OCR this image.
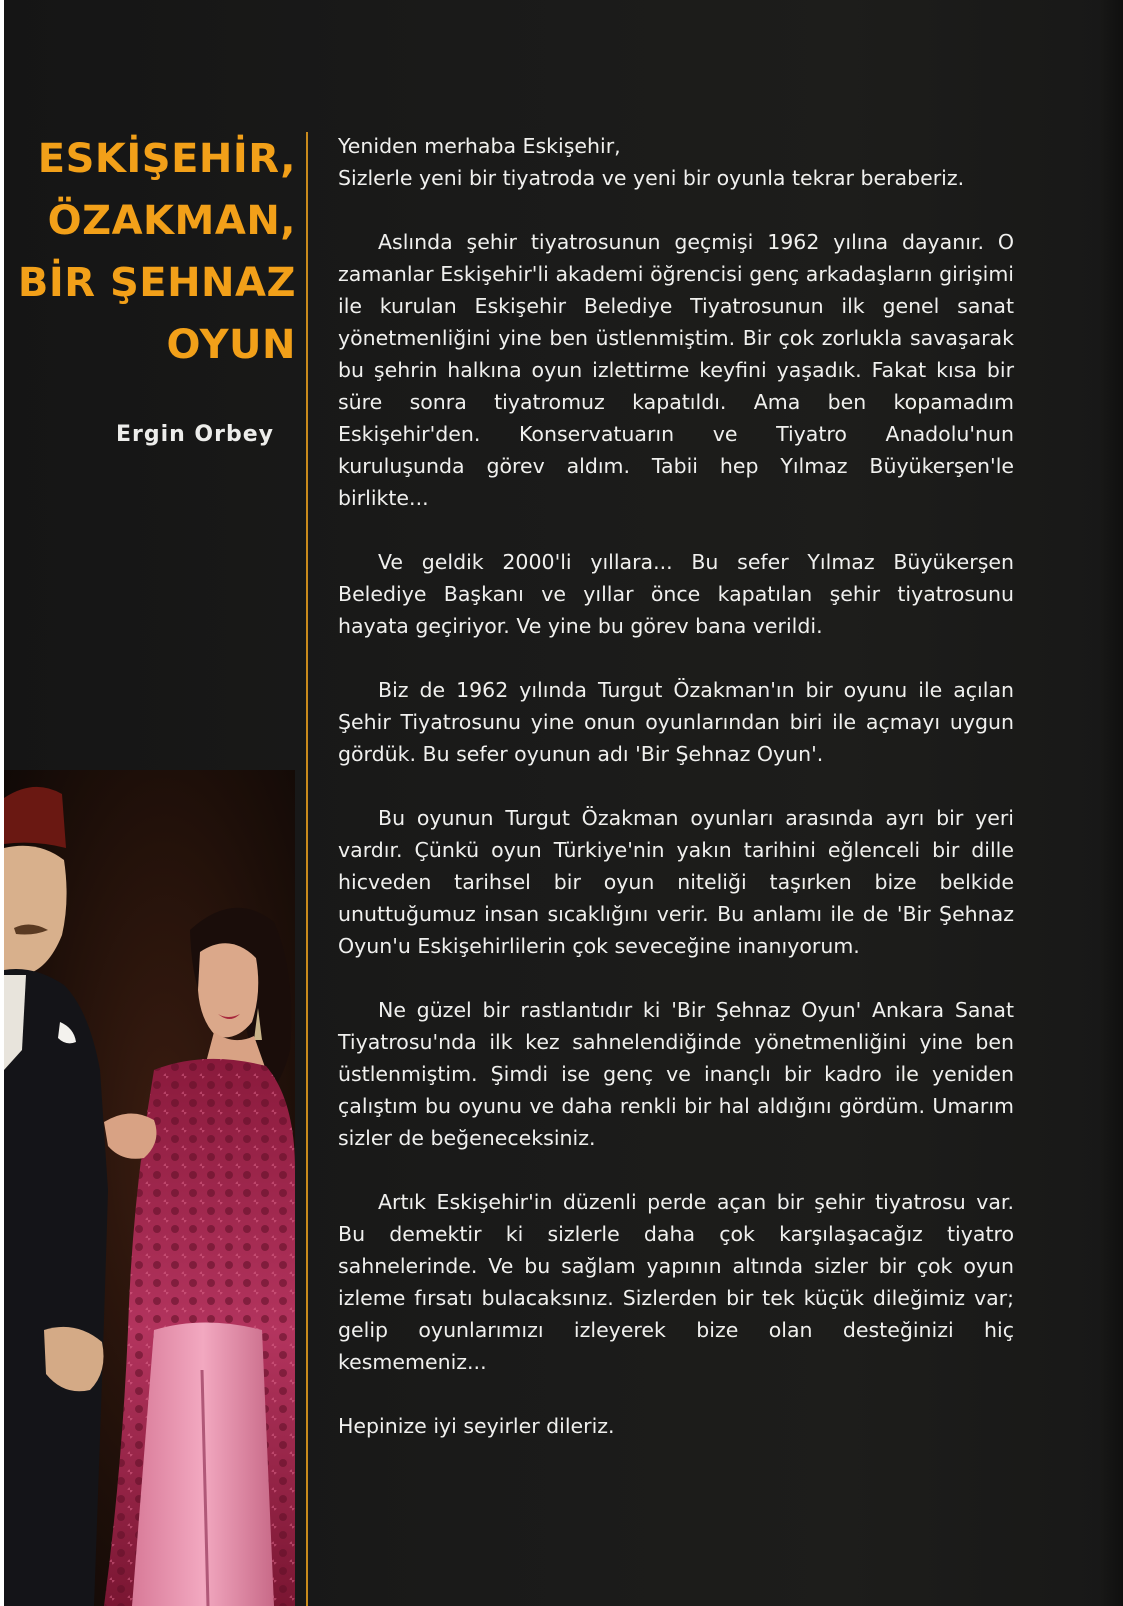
ESKİŞEHİR,
ÖZAKMAN,
BİR ŞEHNAZ
OYUN
Ergin Orbey

Yeniden merhaba Eskişehir,
Sizlerle yeni bir tiyatroda ve yeni bir oyunla tekrar beraberiz.

Aslında şehir tiyatrosunun geçmişi 1962 yılına dayanır. O zamanlar Eskişehir'li akademi öğrencisi genç arkadaşların girişimi ile kurulan Eskişehir Belediye Tiyatrosunun ilk genel sanat yönetmenliğini yine ben üstlenmiştim. Bir çok zorlukla savaşarak bu şehrin halkına oyun izlettirme keyfini yaşadık. Fakat kısa bir süre sonra tiyatromuz kapatıldı. Ama ben kopamadım Eskişehir'den. Konservatuarın ve Tiyatro Anadolu'nun kuruluşunda görev aldım. Tabii hep Yılmaz Büyükerşen'le birlikte...

Ve geldik 2000'li yıllara... Bu sefer Yılmaz Büyükerşen Belediye Başkanı ve yıllar önce kapatılan şehir tiyatrosunu hayata geçiriyor. Ve yine bu görev bana verildi.

Biz de 1962 yılında Turgut Özakman'ın bir oyunu ile açılan Şehir Tiyatrosunu yine onun oyunlarından biri ile açmayı uygun gördük. Bu sefer oyunun adı 'Bir Şehnaz Oyun'.

Bu oyunun Turgut Özakman oyunları arasında ayrı bir yeri vardır. Çünkü oyun Türkiye'nin yakın tarihini eğlenceli bir dille hicveden tarihsel bir oyun niteliği taşırken bize belkide unuttuğumuz insan sıcaklığını verir. Bu anlamı ile de 'Bir Şehnaz Oyun'u Eskişehirlilerin çok seveceğine inanıyorum.

Ne güzel bir rastlantıdır ki 'Bir Şehnaz Oyun' Ankara Sanat Tiyatrosu'nda ilk kez sahnelendiğinde yönetmenliğini yine ben üstlenmiştim. Şimdi ise genç ve inançlı bir kadro ile yeniden çalıştım bu oyunu ve daha renkli bir hal aldığını gördüm. Umarım sizler de beğeneceksiniz.

Artık Eskişehir'in düzenli perde açan bir şehir tiyatrosu var. Bu demektir ki sizlerle daha çok karşılaşacağız tiyatro sahnelerinde. Ve bu sağlam yapının altında sizler bir çok oyun izleme fırsatı bulacaksınız. Sizlerden bir tek küçük dileğimiz var; gelip oyunlarımızı izleyerek bize olan desteğinizi hiç kesmemeniz...

Hepinize iyi seyirler dileriz.
